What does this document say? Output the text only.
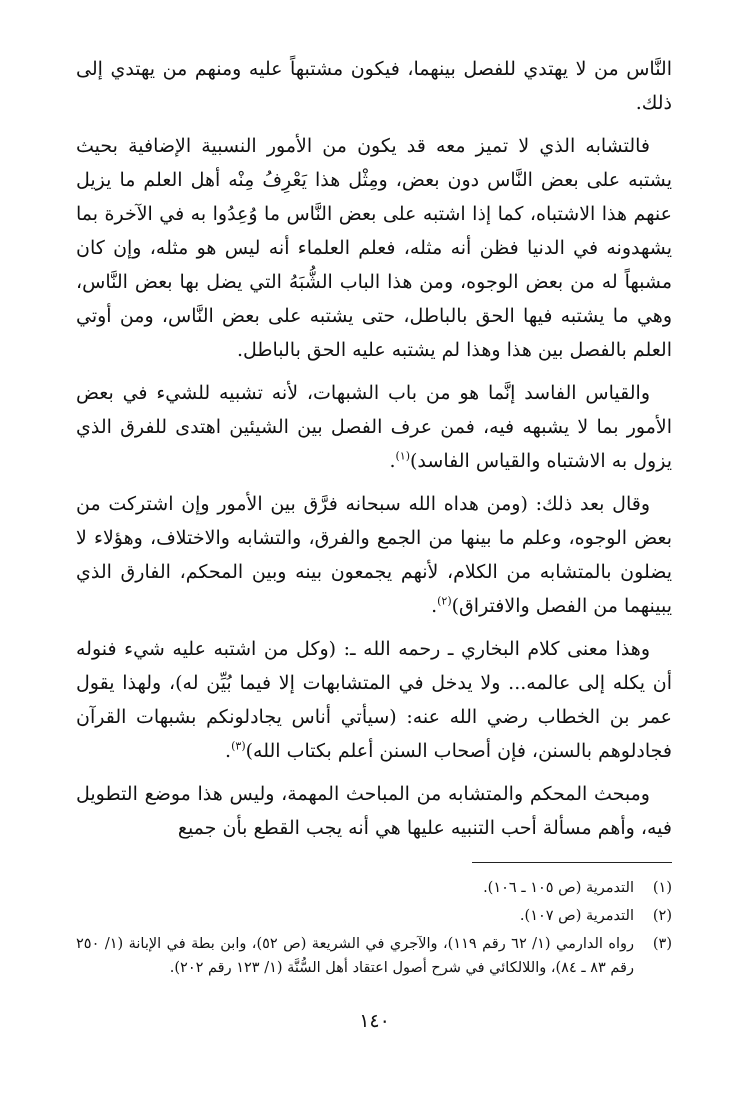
النَّاس من لا يهتدي للفصل بينهما، فيكون مشتبهاً عليه ومنهم من يهتدي إلى ذلك.

فالتشابه الذي لا تميز معه قد يكون من الأمور النسبية الإضافية بحيث يشتبه على بعض النَّاس دون بعض، ومِثْل هذا يَعْرِفُ مِنْه أهل العلم ما يزيل عنهم هذا الاشتباه، كما إذا اشتبه على بعض النَّاس ما وُعِدُوا به في الآخرة بما يشهدونه في الدنيا فظن أنه مثله، فعلم العلماء أنه ليس هو مثله، وإن كان مشبهاً له من بعض الوجوه، ومن هذا الباب الشُّبَهُ التي يضل بها بعض النَّاس، وهي ما يشتبه فيها الحق بالباطل، حتى يشتبه على بعض النَّاس، ومن أوتي العلم بالفصل بين هذا وهذا لم يشتبه عليه الحق بالباطل.

والقياس الفاسد إنَّما هو من باب الشبهات، لأنه تشبيه للشيء في بعض الأمور بما لا يشبهه فيه، فمن عرف الفصل بين الشيئين اهتدى للفرق الذي يزول به الاشتباه والقياس الفاسد)$^{(١)}$.

وقال بعد ذلك: (ومن هداه الله سبحانه فرَّق بين الأمور وإن اشتركت من بعض الوجوه، وعلم ما بينها من الجمع والفرق، والتشابه والاختلاف، وهؤلاء لا يضلون بالمتشابه من الكلام، لأنهم يجمعون بينه وبين المحكم، الفارق الذي يبينهما من الفصل والافتراق)$^{(٢)}$.

وهذا معنى كلام البخاري ـ رحمه الله ـ: (وكل من اشتبه عليه شيء فنوله أن يكله إلى عالمه... ولا يدخل في المتشابهات إلا فيما بُيِّن له)، ولهذا يقول عمر بن الخطاب رضي الله عنه: (سيأتي أناس يجادلونكم بشبهات القرآن فجادلوهم بالسنن، فإن أصحاب السنن أعلم بكتاب الله)$^{(٣)}$.

ومبحث المحكم والمتشابه من المباحث المهمة، وليس هذا موضع التطويل فيه، وأهم مسألة أحب التنبيه عليها هي أنه يجب القطع بأن جميع

(١)
التدمرية (ص ١٠٥ ـ ١٠٦).
(٢)
التدمرية (ص ١٠٧).
(٣)
رواه الدارمي (١/ ٦٢ رقم ١١٩)، والآجري في الشريعة (ص ٥٢)، وابن بطة في الإبانة (١/ ٢٥٠ رقم ٨٣ ـ ٨٤)، واللالكائي في شرح أصول اعتقاد أهل السُّنَّة (١/ ١٢٣ رقم ٢٠٢).
١٤٠
